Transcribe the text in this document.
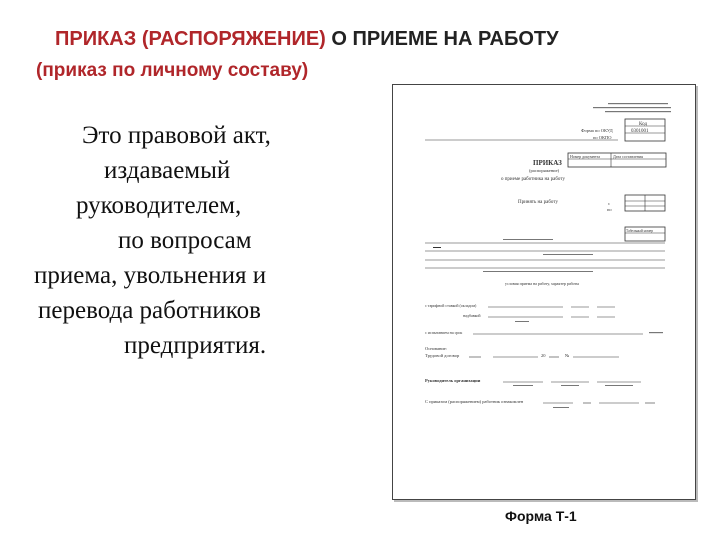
ПРИКАЗ (РАСПОРЯЖЕНИЕ) О ПРИЕМЕ НА РАБОТУ
(приказ по личному составу)
Это правовой акт,
издаваемый
руководителем,
по вопросам
приема, увольнения и
перевода работников
предприятия.
Код
0301001
Форма по ОКУД
по ОКПО
Номер документа	Дата составления
ПРИКАЗ
(распоряжение)
о приеме работника на работу
Принять на работу	с
по
Табельный номер
условия приема на работу, характер работы
с тарифной ставкой (окладом)
надбавкой
с испытанием на срок
Основание:
Трудовой договор	20	№
Руководитель организации
С приказом (распоряжением) работник ознакомлен
Форма Т-1
